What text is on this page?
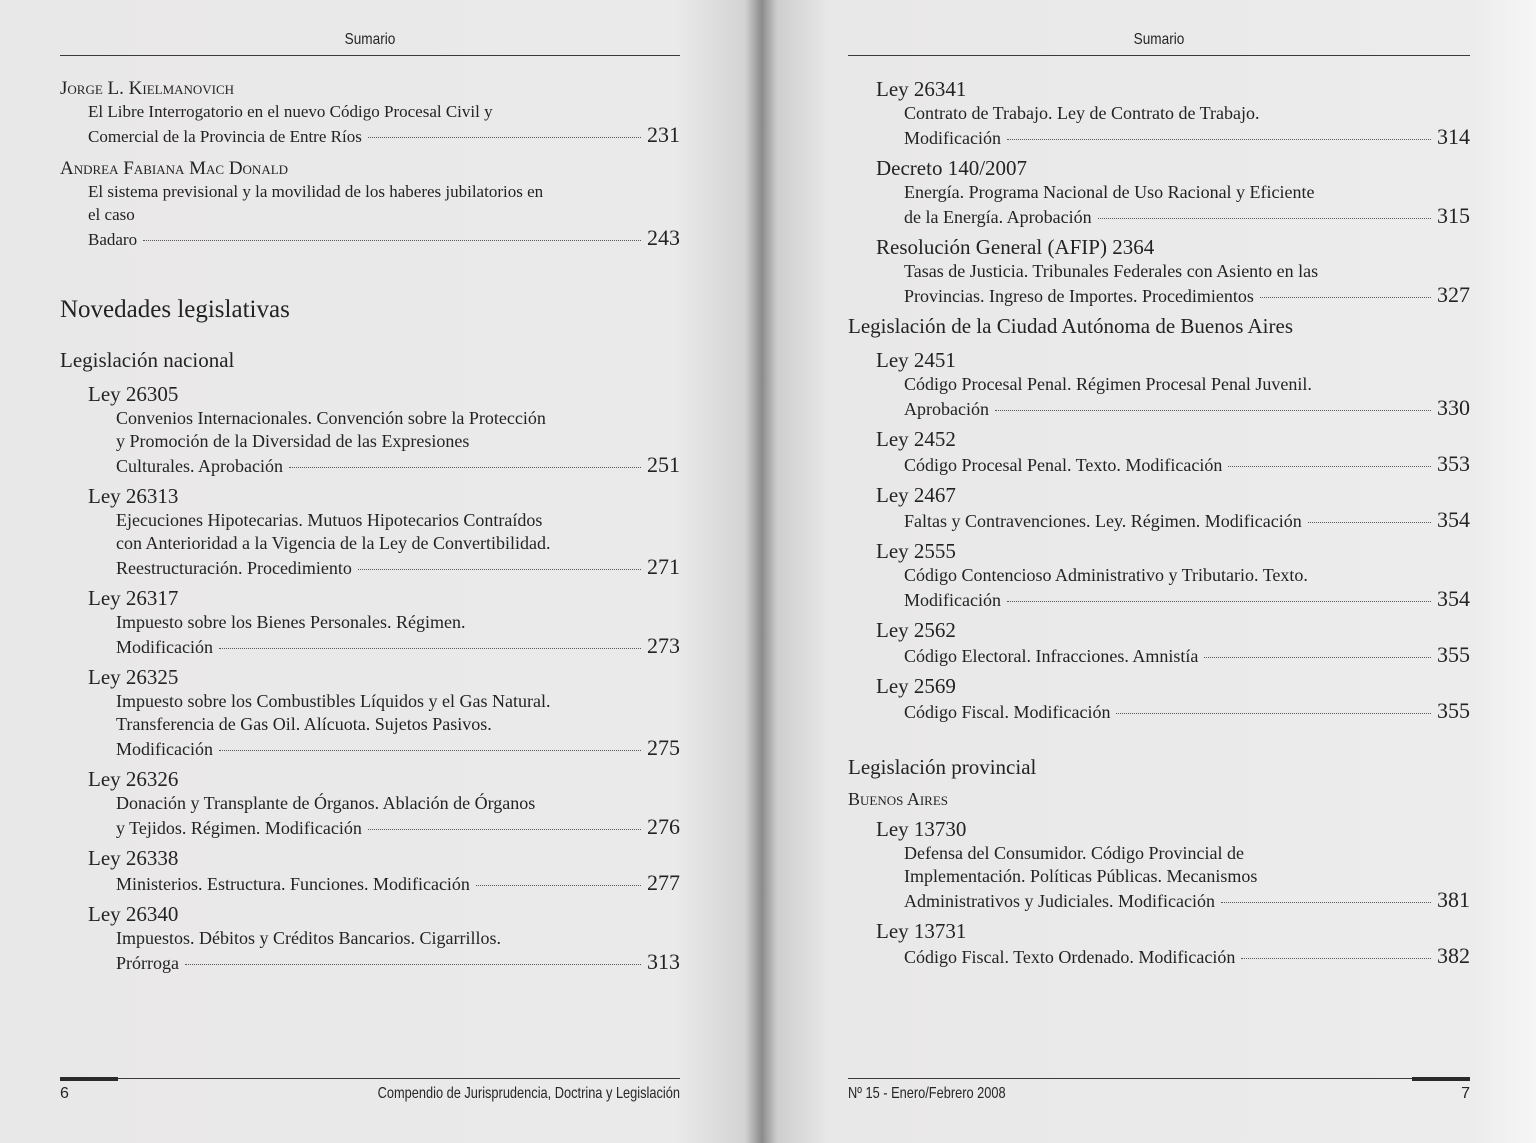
Sumario
Jorge L. Kielmanovich
El Libre Interrogatorio en el nuevo Código Procesal Civil y
Comercial de la Provincia de Entre Ríos	231
Andrea Fabiana Mac Donald
El sistema previsional y la movilidad de los haberes jubilatorios en
el caso
Badaro	243
Novedades legislativas
Legislación nacional
Ley 26305
Convenios Internacionales. Convención sobre la Protección
y Promoción de la Diversidad de las Expresiones
Culturales. Aprobación	251
Ley 26313
Ejecuciones Hipotecarias. Mutuos Hipotecarios Contraídos
con Anterioridad a la Vigencia de la Ley de Convertibilidad.
Reestructuración. Procedimiento	271
Ley 26317
Impuesto sobre los Bienes Personales. Régimen.
Modificación	273
Ley 26325
Impuesto sobre los Combustibles Líquidos y el Gas Natural.
Transferencia de Gas Oil. Alícuota. Sujetos Pasivos.
Modificación	275
Ley 26326
Donación y Transplante de Órganos. Ablación de Órganos
y Tejidos. Régimen. Modificación	276
Ley 26338
Ministerios. Estructura. Funciones. Modificación	277
Ley 26340
Impuestos. Débitos y Créditos Bancarios. Cigarrillos.
Prórroga	313
6	Compendio de Jurisprudencia, Doctrina y Legislación
Sumario
Ley 26341
Contrato de Trabajo. Ley de Contrato de Trabajo.
Modificación	314
Decreto 140/2007
Energía. Programa Nacional de Uso Racional y Eficiente
de la Energía. Aprobación	315
Resolución General (AFIP) 2364
Tasas de Justicia. Tribunales Federales con Asiento en las
Provincias. Ingreso de Importes. Procedimientos	327
Legislación de la Ciudad Autónoma de Buenos Aires
Ley 2451
Código Procesal Penal. Régimen Procesal Penal Juvenil.
Aprobación	330
Ley 2452
Código Procesal Penal. Texto. Modificación	353
Ley 2467
Faltas y Contravenciones. Ley. Régimen. Modificación	354
Ley 2555
Código Contencioso Administrativo y Tributario. Texto.
Modificación	354
Ley 2562
Código Electoral. Infracciones. Amnistía	355
Ley 2569
Código Fiscal. Modificación	355
Legislación provincial
Buenos Aires
Ley 13730
Defensa del Consumidor. Código Provincial de
Implementación. Políticas Públicas. Mecanismos
Administrativos y Judiciales. Modificación	381
Ley 13731
Código Fiscal. Texto Ordenado. Modificación	382
Nº 15 - Enero/Febrero 2008	7
